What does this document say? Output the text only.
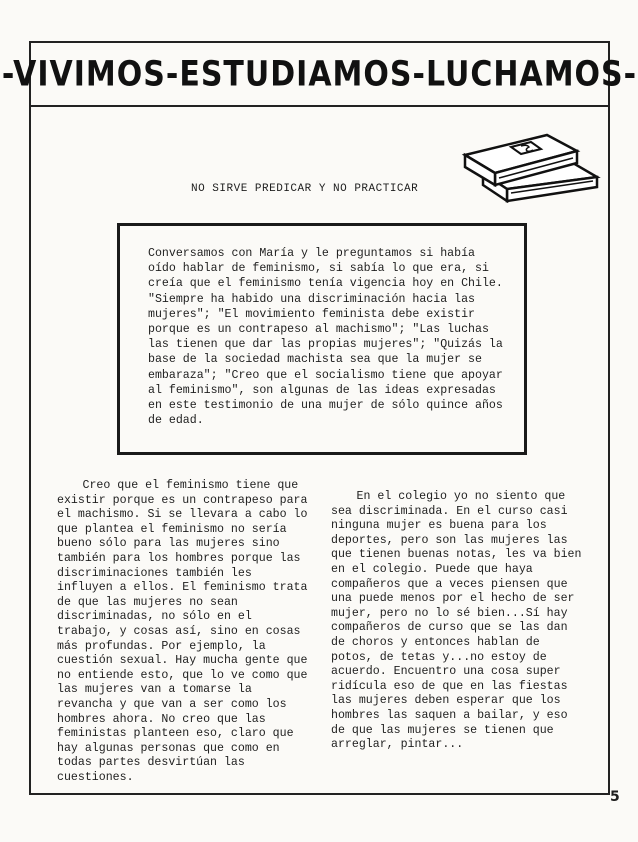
-VIVIMOS-ESTUDIAMOS-LUCHAMOS-
NO SIRVE PREDICAR Y NO PRACTICAR

Conversamos con María y le preguntamos si había oído hablar de feminismo, si sabía lo que era, si creía que el feminismo tenía vigencia hoy en Chile. "Siempre ha habido una discriminación hacia las mujeres"; "El movimiento feminista debe existir porque es un contrapeso al machismo"; "Las luchas las tienen que dar las propias mujeres"; "Quizás la base de la sociedad machista sea que la mujer se embaraza"; "Creo que el socialismo tiene que apoyar al feminismo", son algunas de las ideas expresadas en este testimonio de una mujer de sólo quince años de edad.

Creo que el feminismo tiene que existir porque es un contrapeso para el machismo. Si se llevara a cabo lo que plantea el feminismo no sería bueno sólo para las mujeres sino también para los hombres porque las discriminaciones también les influyen a ellos. El feminismo trata de que las mujeres no sean discriminadas, no sólo en el trabajo, y cosas así, sino en cosas más profundas. Por ejemplo, la cuestión sexual. Hay mucha gente que no entiende esto, que lo ve como que las mujeres van a tomarse la revancha y que van a ser como los hombres ahora. No creo que las feministas planteen eso, claro que hay algunas personas que como en todas partes desvirtúan las cuestiones.

En el colegio yo no siento que sea discriminada. En el curso casi ninguna mujer es buena para los deportes, pero son las mujeres las que tienen buenas notas, les va bien en el colegio. Puede que haya compañeros que a veces piensen que una puede menos por el hecho de ser mujer, pero no lo sé bien...Sí hay compañeros de curso que se las dan de choros y entonces hablan de potos, de tetas y...no estoy de acuerdo. Encuentro una cosa super ridícula eso de que en las fiestas las mujeres deben esperar que los hombres las saquen a bailar, y eso de que las mujeres se tienen que arreglar, pintar...

5
